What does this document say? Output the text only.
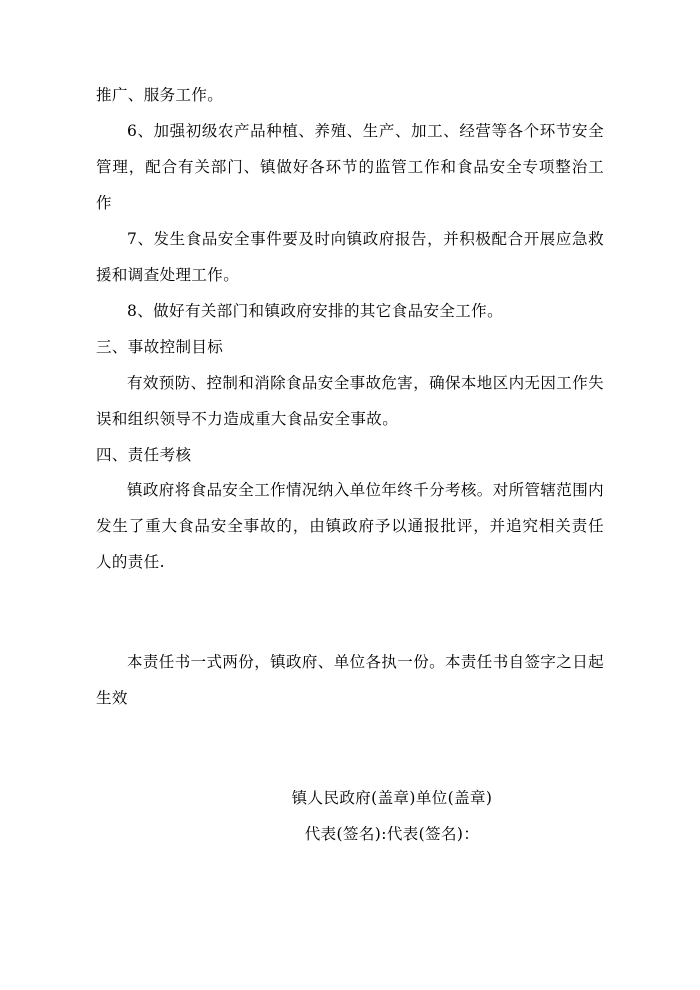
推广、服务工作。

6、加强初级农产品种植、养殖、生产、加工、经营等各个环节安全管理，配合有关部门、镇做好各环节的监管工作和食品安全专项整治工作

7、发生食品安全事件要及时向镇政府报告，并积极配合开展应急救援和调查处理工作。

8、做好有关部门和镇政府安排的其它食品安全工作。

三、事故控制目标

有效预防、控制和消除食品安全事故危害，确保本地区内无因工作失误和组织领导不力造成重大食品安全事故。

四、责任考核

镇政府将食品安全工作情况纳入单位年终千分考核。对所管辖范围内发生了重大食品安全事故的，由镇政府予以通报批评，并追究相关责任人的责任.

本责任书一式两份，镇政府、单位各执一份。本责任书自签字之日起生效

镇人民政府(盖章)单位(盖章)

代表(签名):代表(签名)：
